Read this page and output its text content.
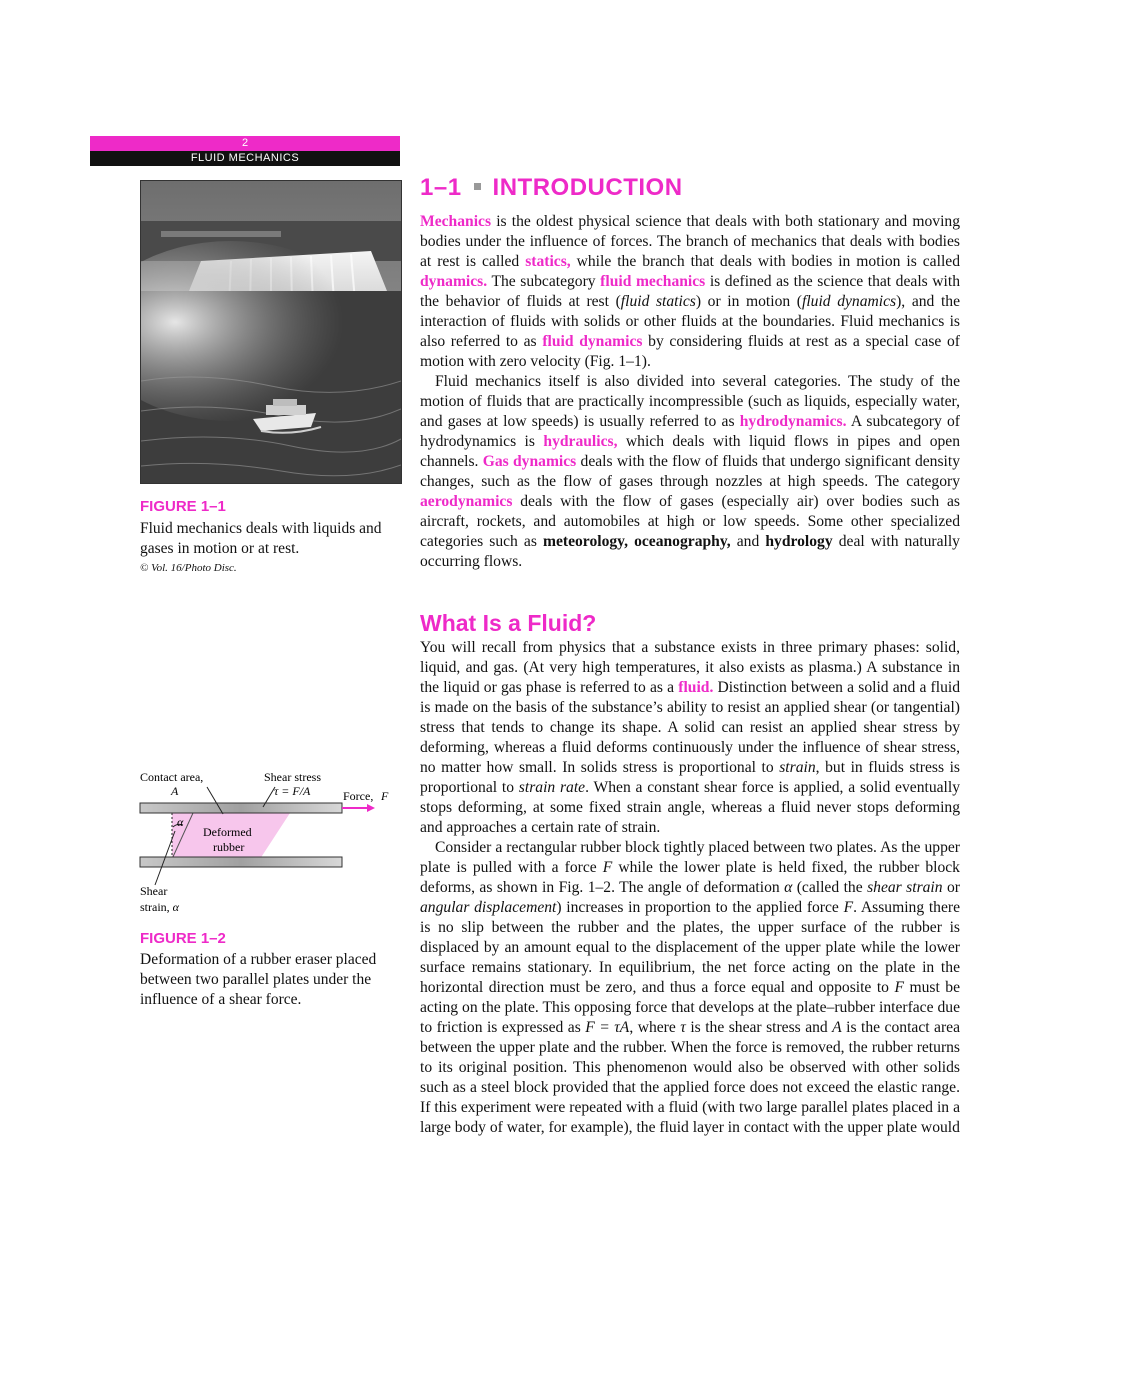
2
FLUID MECHANICS
FIGURE 1–1
Fluid mechanics deals with liquids and gases in motion or at rest.
© Vol. 16/Photo Disc.
Contact area,
A
Shear stress
τ = F/A	Force, F
α
Deformed
rubber
Shear
strain, α
FIGURE 1–2
Deformation of a rubber eraser placed between two parallel plates under the influence of a shear force.
1–1 INTRODUCTION

Mechanics is the oldest physical science that deals with both stationary and moving bodies under the influence of forces. The branch of mechanics that deals with bodies at rest is called statics, while the branch that deals with bodies in motion is called dynamics. The subcategory fluid mechanics is defined as the science that deals with the behavior of fluids at rest (fluid statics) or in motion (fluid dynamics), and the interaction of fluids with solids or other fluids at the boundaries. Fluid mechanics is also referred to as fluid dynamics by considering fluids at rest as a special case of motion with zero velocity (Fig. 1–1).

Fluid mechanics itself is also divided into several categories. The study of the motion of fluids that are practically incompressible (such as liquids, especially water, and gases at low speeds) is usually referred to as hydrodynamics. A subcategory of hydrodynamics is hydraulics, which deals with liquid flows in pipes and open channels. Gas dynamics deals with the flow of fluids that undergo significant density changes, such as the flow of gases through nozzles at high speeds. The category aerodynamics deals with the flow of gases (especially air) over bodies such as aircraft, rockets, and automobiles at high or low speeds. Some other specialized categories such as meteorology, oceanography, and hydrology deal with naturally occurring flows.

What Is a Fluid?

You will recall from physics that a substance exists in three primary phases: solid, liquid, and gas. (At very high temperatures, it also exists as plasma.) A substance in the liquid or gas phase is referred to as a fluid. Distinction between a solid and a fluid is made on the basis of the substance’s ability to resist an applied shear (or tangential) stress that tends to change its shape. A solid can resist an applied shear stress by deforming, whereas a fluid deforms continuously under the influence of shear stress, no matter how small. In solids stress is proportional to strain, but in fluids stress is proportional to strain rate. When a constant shear force is applied, a solid eventually stops deforming, at some fixed strain angle, whereas a fluid never stops deforming and approaches a certain rate of strain.

Consider a rectangular rubber block tightly placed between two plates. As the upper plate is pulled with a force F while the lower plate is held fixed, the rubber block deforms, as shown in Fig. 1–2. The angle of deformation α (called the shear strain or angular displacement) increases in proportion to the applied force F. Assuming there is no slip between the rubber and the plates, the upper surface of the rubber is displaced by an amount equal to the displacement of the upper plate while the lower surface remains stationary. In equilibrium, the net force acting on the plate in the horizontal direction must be zero, and thus a force equal and opposite to F must be acting on the plate. This opposing force that develops at the plate–rubber interface due to friction is expressed as F = τA, where τ is the shear stress and A is the contact area between the upper plate and the rubber. When the force is removed, the rubber returns to its original position. This phenomenon would also be observed with other solids such as a steel block provided that the applied force does not exceed the elastic range. If this experiment were repeated with a fluid (with two large parallel plates placed in a large body of water, for example), the fluid layer in contact with the upper plate would
